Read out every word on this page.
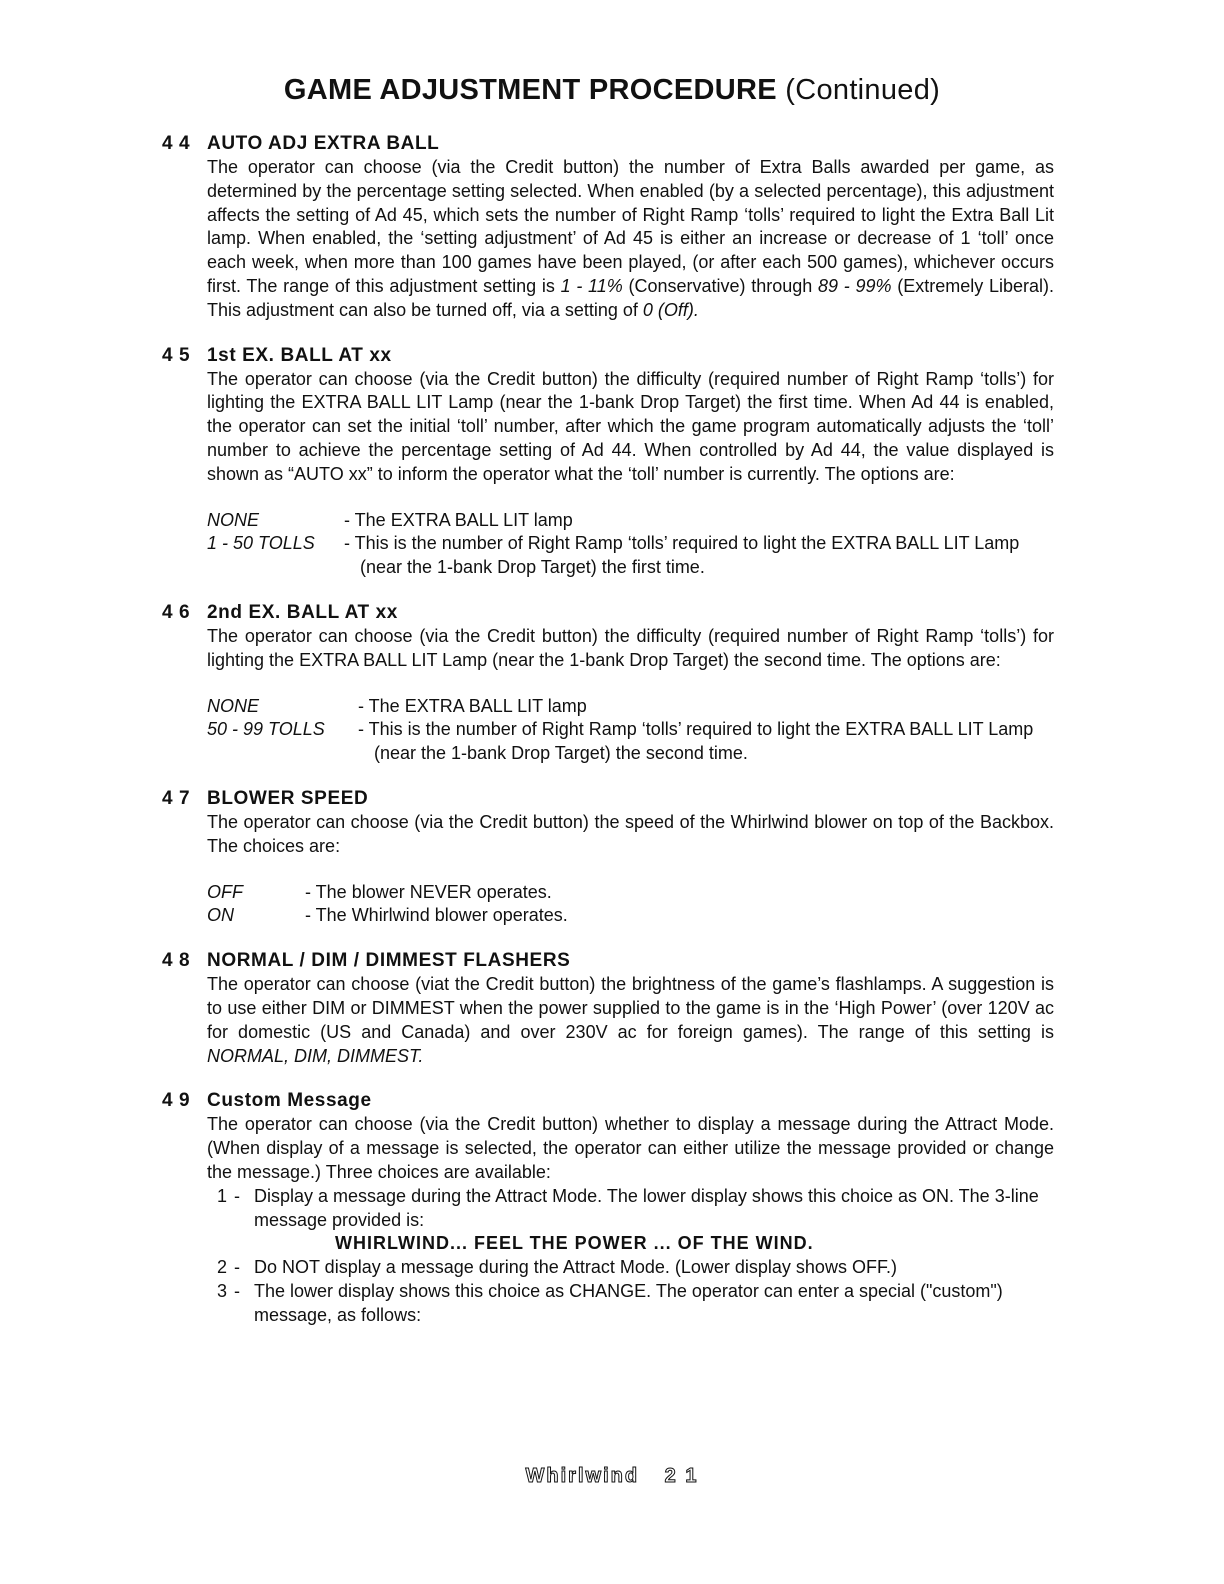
GAME ADJUSTMENT PROCEDURE (Continued)
4 4 AUTO ADJ EXTRA BALL

The operator can choose (via the Credit button) the number of Extra Balls awarded per game, as determined by the percentage setting selected. When enabled (by a selected percentage), this adjustment affects the setting of Ad 45, which sets the number of Right Ramp ‘tolls’ required to light the Extra Ball Lit lamp. When enabled, the ‘setting adjustment’ of Ad 45 is either an increase or decrease of 1 ‘toll’ once each week, when more than 100 games have been played, (or after each 500 games), whichever occurs first. The range of this adjustment setting is 1 - 11% (Conservative) through 89 - 99% (Extremely Liberal). This adjustment can also be turned off, via a setting of 0 (Off).

4 5 1st EX. BALL AT xx

The operator can choose (via the Credit button) the difficulty (required number of Right Ramp ‘tolls’) for lighting the EXTRA BALL LIT Lamp (near the 1-bank Drop Target) the first time. When Ad 44 is enabled, the operator can set the initial ‘toll’ number, after which the game program automatically adjusts the ‘toll’ number to achieve the percentage setting of Ad 44. When controlled by Ad 44, the value displayed is shown as “AUTO xx” to inform the operator what the ‘toll’ number is currently. The options are:

NONE	- The EXTRA BALL LIT lamp
1 - 50 TOLLS	- This is the number of Right Ramp ‘tolls’ required to light the EXTRA BALL LIT Lamp (near the 1-bank Drop Target) the first time.
4 6 2nd EX. BALL AT xx

The operator can choose (via the Credit button) the difficulty (required number of Right Ramp ‘tolls’) for lighting the EXTRA BALL LIT Lamp (near the 1-bank Drop Target) the second time. The options are:

NONE	- The EXTRA BALL LIT lamp
50 - 99 TOLLS	- This is the number of Right Ramp ‘tolls’ required to light the EXTRA BALL LIT Lamp (near the 1-bank Drop Target) the second time.
4 7 BLOWER SPEED

The operator can choose (via the Credit button) the speed of the Whirlwind blower on top of the Backbox. The choices are:

OFF	- The blower NEVER operates.
ON	- The Whirlwind blower operates.
4 8 NORMAL / DIM / DIMMEST FLASHERS

The operator can choose (viat the Credit button) the brightness of the game’s flashlamps. A suggestion is to use either DIM or DIMMEST when the power supplied to the game is in the ‘High Power’ (over 120V ac for domestic (US and Canada) and over 230V ac for foreign games). The range of this setting is NORMAL, DIM, DIMMEST.

4 9 Custom Message

The operator can choose (via the Credit button) whether to display a message during the Attract Mode. (When display of a message is selected, the operator can either utilize the message provided or change the message.) Three choices are available:

1 - Display a message during the Attract Mode. The lower display shows this choice as ON. The 3-line message provided is:
WHIRLWIND... FEEL THE POWER ... OF THE WIND.
2 - Do NOT display a message during the Attract Mode. (Lower display shows OFF.)
3 - The lower display shows this choice as CHANGE. The operator can enter a special ("custom") message, as follows:
Whirlwind 2 1
